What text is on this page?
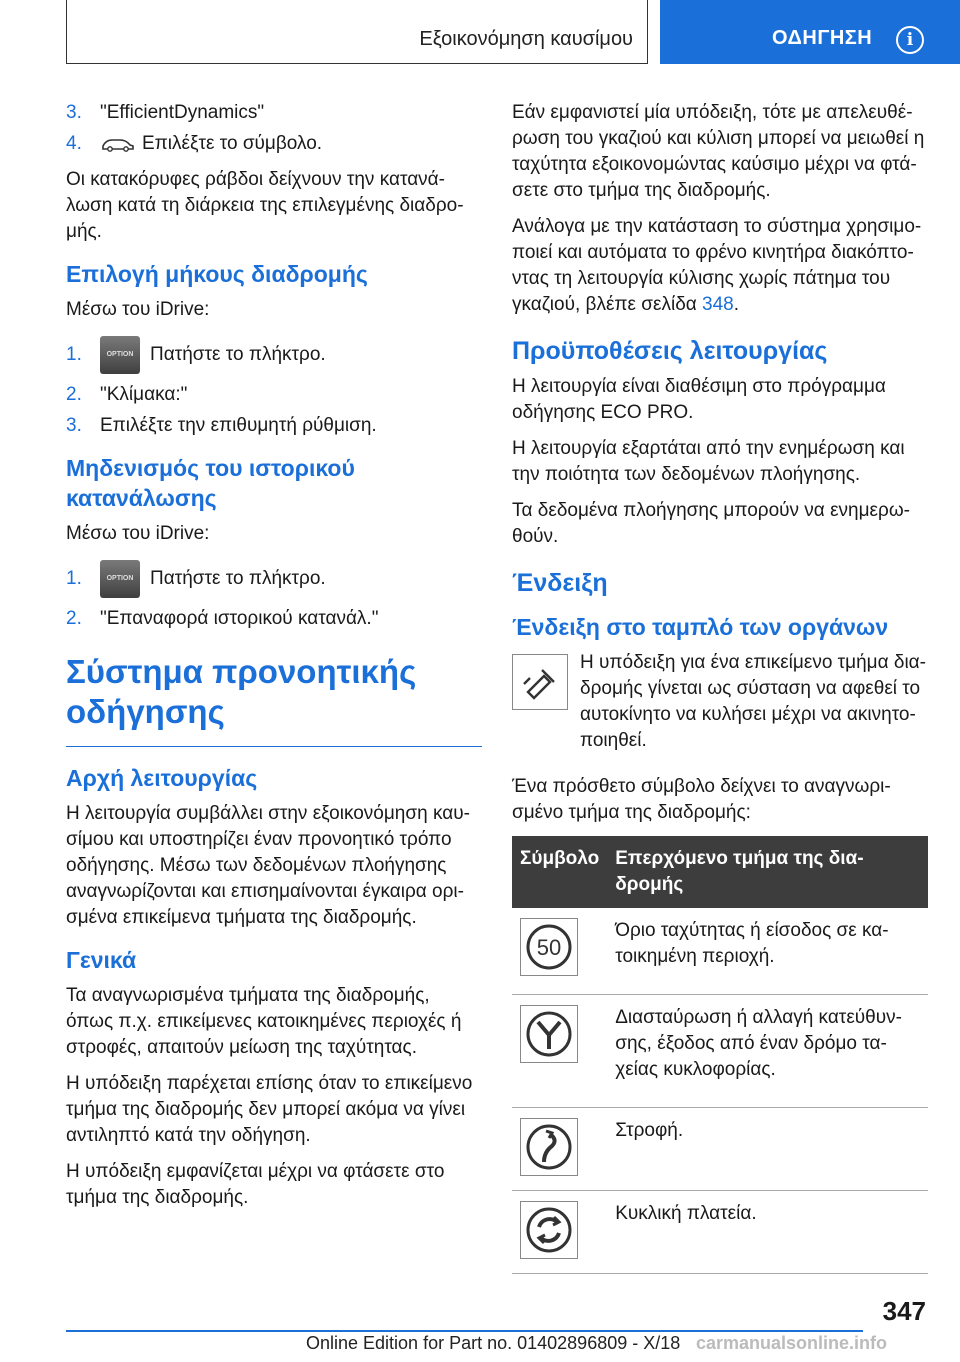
Εξοικονόμηση καυσίμου	ΟΔΗΓΗΣΗ	i
3. "EfficientDynamics"
4.	Επιλέξτε το σύμβολο.

Οι κατακόρυφες ράβδοι δείχνουν την κατανά-λωση κατά τη διάρκεια της επιλεγμένης διαδρο-μής.

Επιλογή μήκους διαδρομής

Μέσω του iDrive:

1.	OPTION Πατήστε το πλήκτρο.
2. "Κλίμακα:"
3. Επιλέξτε την επιθυμητή ρύθμιση.
Μηδενισμός του ιστορικού κατανάλωσης

Μέσω του iDrive:

1.	OPTION Πατήστε το πλήκτρο.
2. "Επαναφορά ιστορικού κατανάλ."
Σύστημα προνοητικής οδήγησης
Αρχή λειτουργίας

Η λειτουργία συμβάλλει στην εξοικονόμηση καυ-σίμου και υποστηρίζει έναν προνοητικό τρόπο οδήγησης. Μέσω των δεδομένων πλοήγησης αναγνωρίζονται και επισημαίνονται έγκαιρα ορι-σμένα επικείμενα τμήματα της διαδρομής.

Γενικά

Τα αναγνωρισμένα τμήματα της διαδρομής, όπως π.χ. επικείμενες κατοικημένες περιοχές ή στροφές, απαιτούν μείωση της ταχύτητας.

Η υπόδειξη παρέχεται επίσης όταν το επικείμενο τμήμα της διαδρομής δεν μπορεί ακόμα να γίνει αντιληπτό κατά την οδήγηση.

Η υπόδειξη εμφανίζεται μέχρι να φτάσετε στο τμήμα της διαδρομής.

Εάν εμφανιστεί μία υπόδειξη, τότε με απελευθέ-ρωση του γκαζιού και κύλιση μπορεί να μειωθεί η ταχύτητα εξοικονομώντας καύσιμο μέχρι να φτά-σετε στο τμήμα της διαδρομής.

Ανάλογα με την κατάσταση το σύστημα χρησιμο-ποιεί και αυτόματα το φρένο κινητήρα διακόπτο-ντας τη λειτουργία κύλισης χωρίς πάτημα του γκαζιού, βλέπε σελίδα 348.

Προϋποθέσεις λειτουργίας

Η λειτουργία είναι διαθέσιμη στο πρόγραμμα οδήγησης ECO PRO.

Η λειτουργία εξαρτάται από την ενημέρωση και την ποιότητα των δεδομένων πλοήγησης.

Τα δεδομένα πλοήγησης μπορούν να ενημερω-θούν.

Ένδειξη
Ένδειξη στο ταμπλό των οργάνων

Η υπόδειξη για ένα επικείμενο τμήμα δια-δρομής γίνεται ως σύσταση να αφεθεί το αυτοκίνητο να κυλήσει μέχρι να ακινητο-ποιηθεί.

Ένα πρόσθετο σύμβολο δείχνει το αναγνωρι-σμένο τμήμα της διαδρομής:

Σύμβολο	Επερχόμενο τμήμα της δια-δρομής

50	Όριο ταχύτητας ή είσοδος σε κα-τοικημένη περιοχή.

	Διασταύρωση ή αλλαγή κατεύθυν-σης, έξοδος από έναν δρόμο τα-χείας κυκλοφορίας.

	Στροφή.

	Κυκλική πλατεία.
347
Online Edition for Part no. 01402896809 - X/18 carmanualsonline.info
